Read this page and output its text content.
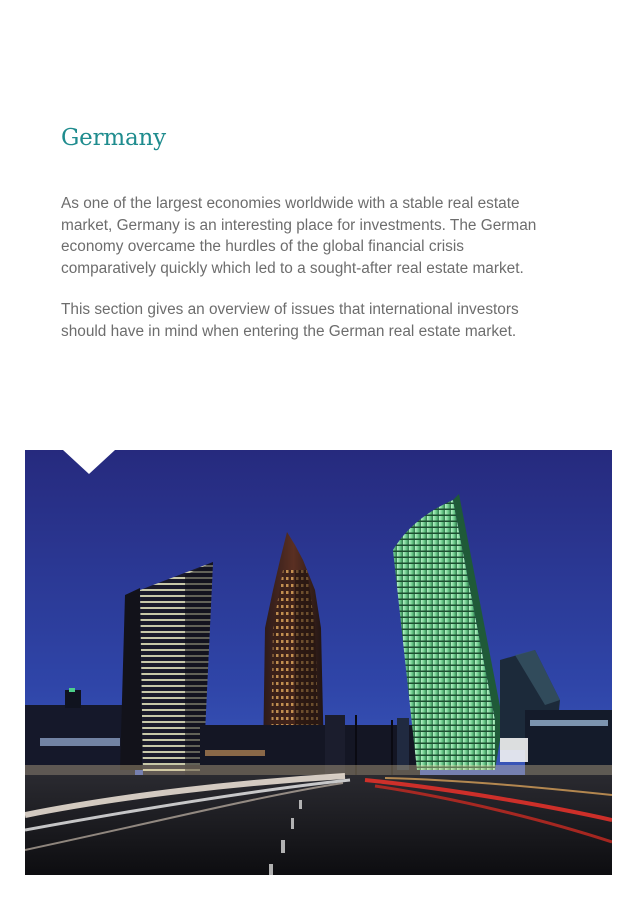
Germany
As one of the largest economies worldwide with a stable real estate market, Germany is an interesting place for investments. The German economy overcame the hurdles of the global financial crisis comparatively quickly which led to a sought-after real estate market.
This section gives an overview of issues that international investors should have in mind when entering the German real estate market.
